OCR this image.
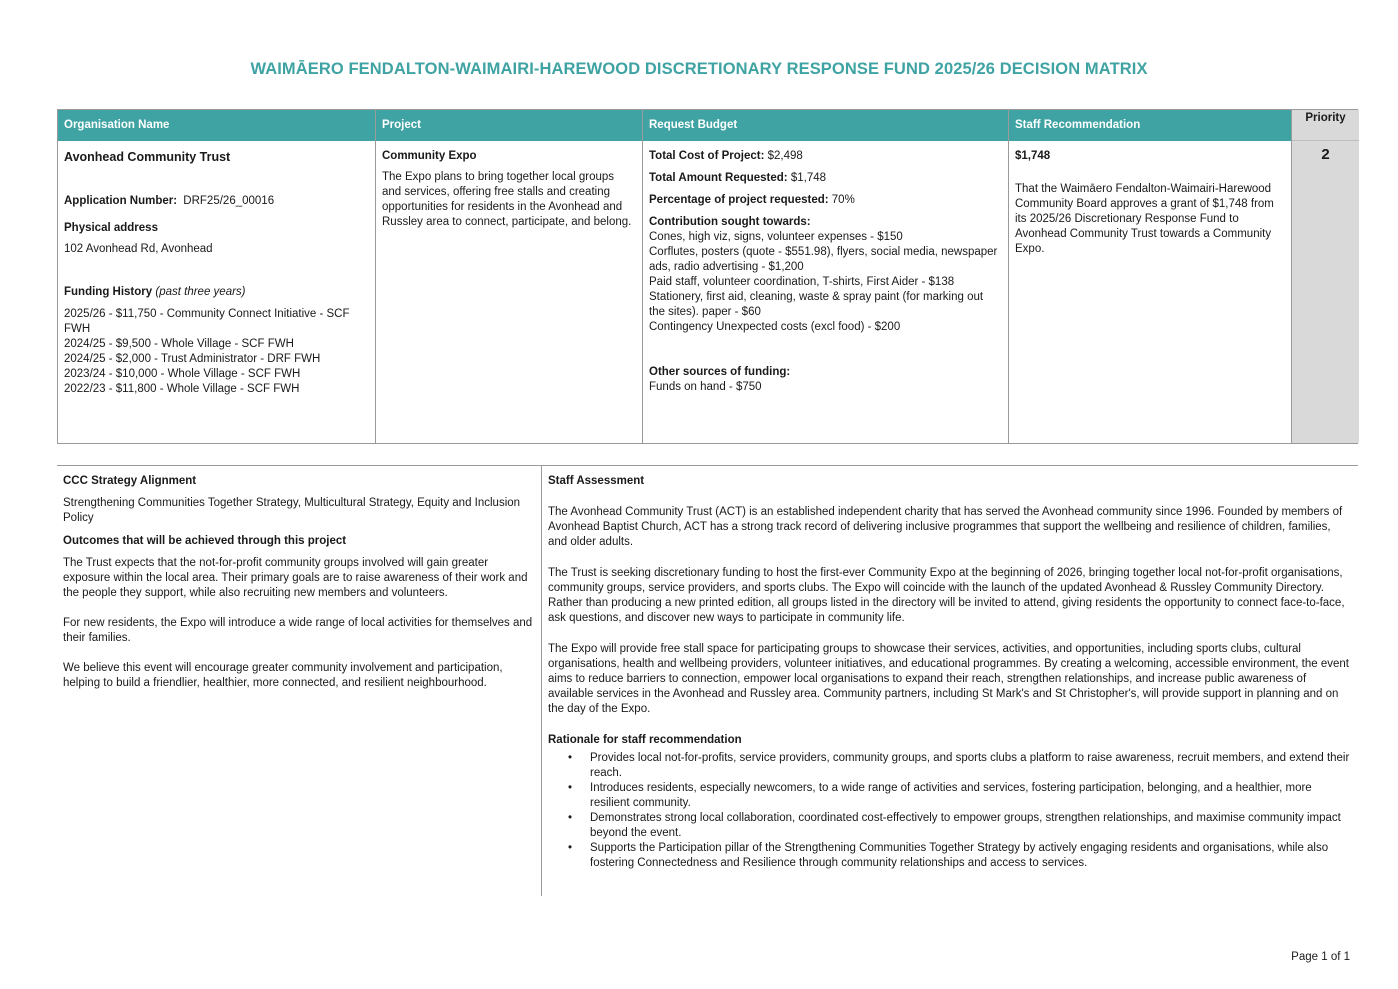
WAIMĀERO FENDALTON-WAIMAIRI-HAREWOOD DISCRETIONARY RESPONSE FUND 2025/26 DECISION MATRIX
Organisation Name
Avonhead Community Trust
Application Number: DRF25/26_00016
Physical address
102 Avonhead Rd, Avonhead
Funding History (past three years)
2025/26 - $11,750 - Community Connect Initiative - SCF FWH
2024/25 - $9,500 - Whole Village - SCF FWH
2024/25 - $2,000 - Trust Administrator - DRF FWH
2023/24 - $10,000 - Whole Village - SCF FWH
2022/23 - $11,800 - Whole Village - SCF FWH
Project
Community Expo
The Expo plans to bring together local groups and services, offering free stalls and creating opportunities for residents in the Avonhead and Russley area to connect, participate, and belong.
Request Budget
Total Cost of Project: $2,498
Total Amount Requested: $1,748
Percentage of project requested: 70%
Contribution sought towards:
Cones, high viz, signs, volunteer expenses - $150
Corflutes, posters (quote - $551.98), flyers, social media, newspaper ads, radio advertising - $1,200
Paid staff, volunteer coordination, T-shirts, First Aider - $138
Stationery, first aid, cleaning, waste & spray paint (for marking out the sites). paper - $60
Contingency Unexpected costs (excl food) - $200
Other sources of funding:
Funds on hand - $750
Staff Recommendation
$1,748
That the Waimāero Fendalton-Waimairi-Harewood Community Board approves a grant of $1,748 from its 2025/26 Discretionary Response Fund to Avonhead Community Trust towards a Community Expo.
Priority
2
CCC Strategy Alignment
Strengthening Communities Together Strategy, Multicultural Strategy, Equity and Inclusion Policy
Outcomes that will be achieved through this project
The Trust expects that the not-for-profit community groups involved will gain greater exposure within the local area. Their primary goals are to raise awareness of their work and the people they support, while also recruiting new members and volunteers.
For new residents, the Expo will introduce a wide range of local activities for themselves and their families.
We believe this event will encourage greater community involvement and participation, helping to build a friendlier, healthier, more connected, and resilient neighbourhood.
Staff Assessment
The Avonhead Community Trust (ACT) is an established independent charity that has served the Avonhead community since 1996. Founded by members of Avonhead Baptist Church, ACT has a strong track record of delivering inclusive programmes that support the wellbeing and resilience of children, families, and older adults.
The Trust is seeking discretionary funding to host the first-ever Community Expo at the beginning of 2026, bringing together local not-for-profit organisations, community groups, service providers, and sports clubs. The Expo will coincide with the launch of the updated Avonhead & Russley Community Directory. Rather than producing a new printed edition, all groups listed in the directory will be invited to attend, giving residents the opportunity to connect face-to-face, ask questions, and discover new ways to participate in community life.
The Expo will provide free stall space for participating groups to showcase their services, activities, and opportunities, including sports clubs, cultural organisations, health and wellbeing providers, volunteer initiatives, and educational programmes. By creating a welcoming, accessible environment, the event aims to reduce barriers to connection, empower local organisations to expand their reach, strengthen relationships, and increase public awareness of available services in the Avonhead and Russley area. Community partners, including St Mark's and St Christopher's, will provide support in planning and on the day of the Expo.
Rationale for staff recommendation
• Provides local not-for-profits, service providers, community groups, and sports clubs a platform to raise awareness, recruit members, and extend their reach.
• Introduces residents, especially newcomers, to a wide range of activities and services, fostering participation, belonging, and a healthier, more resilient community.
• Demonstrates strong local collaboration, coordinated cost-effectively to empower groups, strengthen relationships, and maximise community impact beyond the event.
• Supports the Participation pillar of the Strengthening Communities Together Strategy by actively engaging residents and organisations, while also fostering Connectedness and Resilience through community relationships and access to services.
Page 1 of 1
